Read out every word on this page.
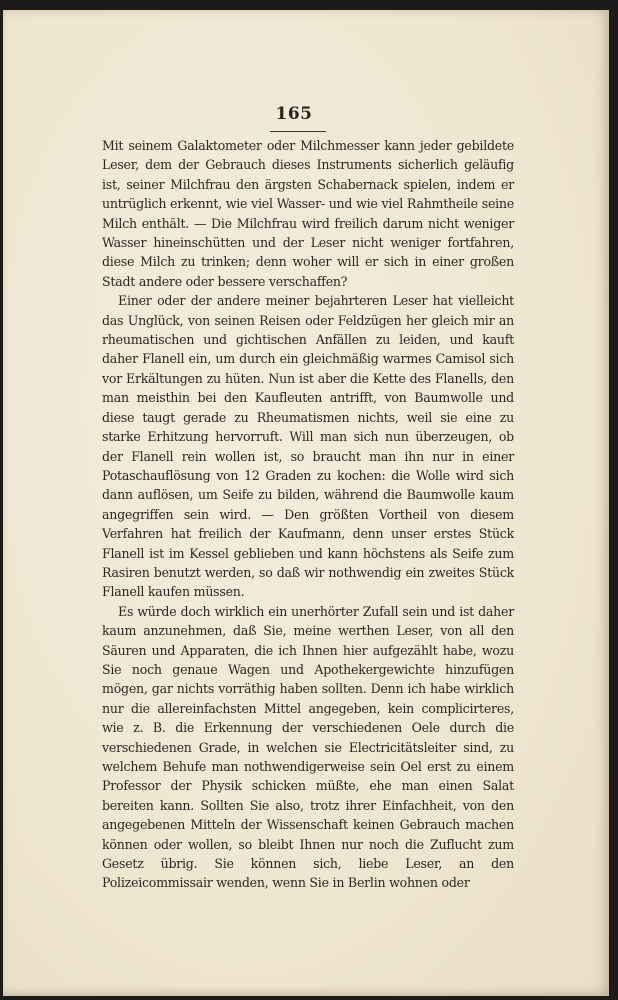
165

Mit seinem Galaktometer oder Milchmesser kann jeder gebildete Leser, dem der Gebrauch dieses Instruments sicherlich geläufig ist, seiner Milchfrau den ärgsten Schabernack spielen, indem er untrüglich erkennt, wie viel Wasser- und wie viel Rahmtheile seine Milch enthält. — Die Milchfrau wird freilich darum nicht weniger Wasser hineinschütten und der Leser nicht weniger fortfahren, diese Milch zu trinken; denn woher will er sich in einer großen Stadt andere oder bessere verschaffen?

Einer oder der andere meiner bejahrteren Leser hat vielleicht das Unglück, von seinen Reisen oder Feldzügen her gleich mir an rheumatischen und gichtischen Anfällen zu leiden, und kauft daher Flanell ein, um durch ein gleichmäßig warmes Camisol sich vor Erkältungen zu hüten. Nun ist aber die Kette des Flanells, den man meisthin bei den Kaufleuten antrifft, von Baumwolle und diese taugt gerade zu Rheumatismen nichts, weil sie eine zu starke Erhitzung hervorruft. Will man sich nun überzeugen, ob der Flanell rein wollen ist, so braucht man ihn nur in einer Potaschauflösung von 12 Graden zu kochen: die Wolle wird sich dann auflösen, um Seife zu bilden, während die Baumwolle kaum angegriffen sein wird. — Den größten Vortheil von diesem Verfahren hat freilich der Kaufmann, denn unser erstes Stück Flanell ist im Kessel geblieben und kann höchstens als Seife zum Rasiren benutzt werden, so daß wir nothwendig ein zweites Stück Flanell kaufen müssen.

Es würde doch wirklich ein unerhörter Zufall sein und ist daher kaum anzunehmen, daß Sie, meine werthen Leser, von all den Säuren und Apparaten, die ich Ihnen hier aufgezählt habe, wozu Sie noch genaue Wagen und Apothekergewichte hinzufügen mögen, gar nichts vorräthig haben sollten. Denn ich habe wirklich nur die allereinfachsten Mittel angegeben, kein complicirteres, wie z. B. die Erkennung der verschiedenen Oele durch die verschiedenen Grade, in welchen sie Electricitätsleiter sind, zu welchem Behufe man nothwendigerweise sein Oel erst zu einem Professor der Physik schicken müßte, ehe man einen Salat bereiten kann. Sollten Sie also, trotz ihrer Einfachheit, von den angegebenen Mitteln der Wissenschaft keinen Gebrauch machen können oder wollen, so bleibt Ihnen nur noch die Zuflucht zum Gesetz übrig. Sie können sich, liebe Leser, an den Polizeicommissair wenden, wenn Sie in Berlin wohnen oder
